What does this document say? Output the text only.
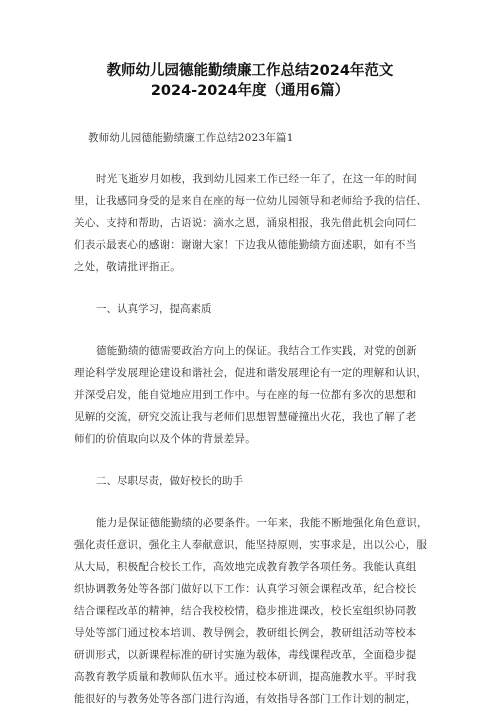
教师幼儿园德能勤绩廉工作总结2024年范文
2024-2024年度（通用6篇）
教师幼儿园德能勤绩廉工作总结2023年篇1
时光飞逝岁月如梭，我到幼儿园来工作已经一年了，在这一年的时间
里，让我感同身受的是来自在座的每一位幼儿园领导和老师给予我的信任、
关心、支持和帮助，古语说：滴水之恩，涌泉相报，我先借此机会向同仁
们表示最衷心的感谢：谢谢大家！下边我从德能勤绩方面述职，如有不当
之处，敬请批评指正。
一、认真学习，提高素质
德能勤绩的德需要政治方向上的保证。我结合工作实践，对党的创新
理论科学发展理论建设和谐社会，促进和谐发展理论有一定的理解和认识，
并深受启发，能自觉地应用到工作中。与在座的每一位都有多次的思想和
见解的交流，研究交流让我与老师们思想智慧碰撞出火花，我也了解了老
师们的价值取向以及个体的背景差异。
二、尽职尽责，做好校长的助手
能力是保证德能勤绩的必要条件。一年来，我能不断地强化角色意识，
强化责任意识，强化主人奉献意识，能坚持原则，实事求是，出以公心，服
从大局，积极配合校长工作，高效地完成教育教学各项任务。我能认真组
织协调教务处等各部门做好以下工作：认真学习领会课程改革，纪合校长
结合课程改革的精神，结合我校校情，稳步推进课改，校长室组织协同教
导处等部门通过校本培训、教导例会，教研组长例会，教研组活动等校本
研训形式，以新课程标准的研讨实施为载体，毒线课程改革，全面稳步提
高教育教学质量和教师队伍水平。通过校本研训，提高施教水平。平时我
能很好的与教务处等各部门进行沟通，有效指导各部门工作计划的制定，
